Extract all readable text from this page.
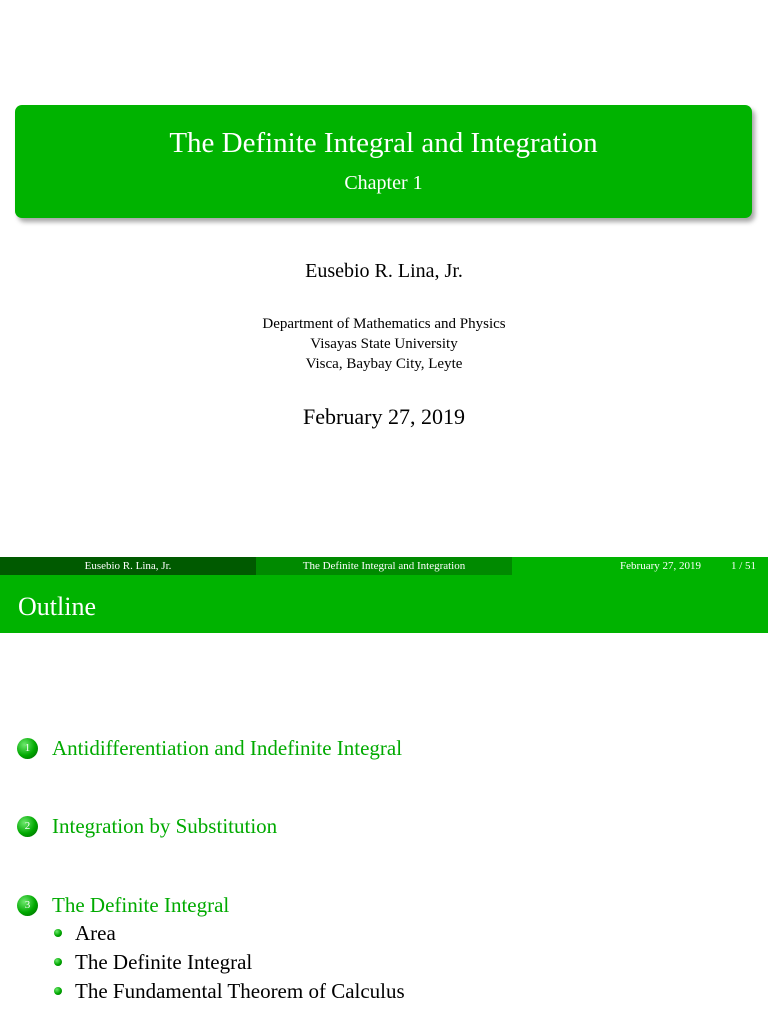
The Definite Integral and Integration
Chapter 1
Eusebio R. Lina, Jr.
Department of Mathematics and Physics
Visayas State University
Visca, Baybay City, Leyte
February 27, 2019
Eusebio R. Lina, Jr.	The Definite Integral and Integration	February 27, 2019	1 / 51
Outline
1	Antidifferentiation and Indefinite Integral
2	Integration by Substitution
3	The Definite Integral
Area
The Definite Integral
The Fundamental Theorem of Calculus
